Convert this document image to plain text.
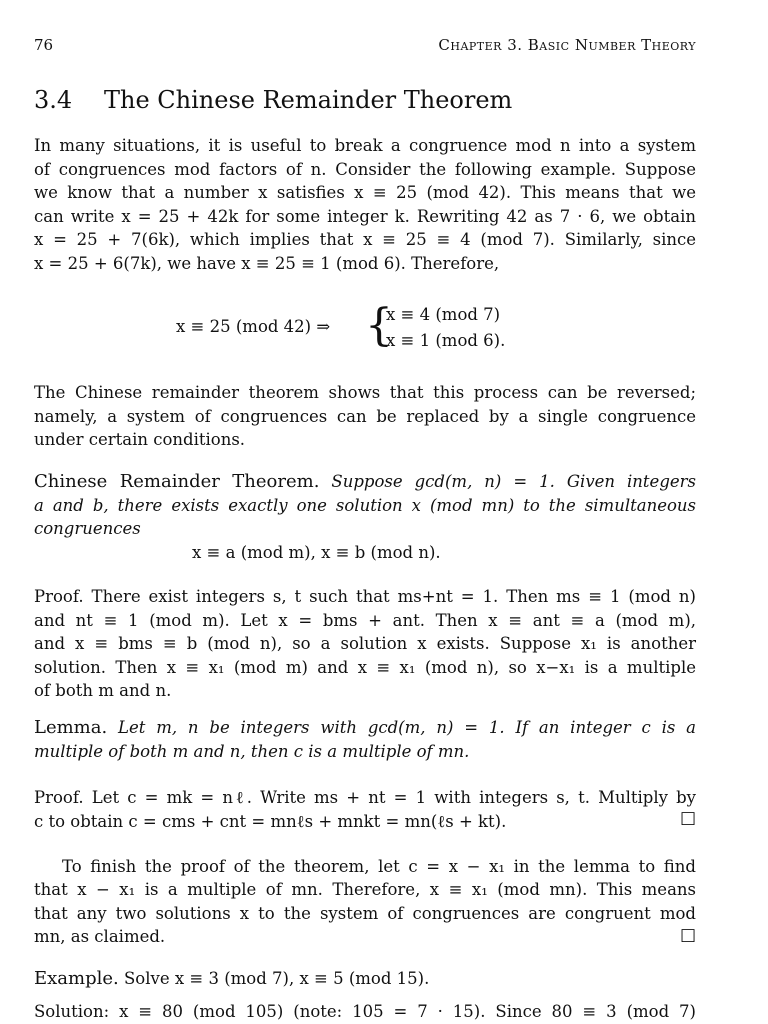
76	Chapter 3. Basic Number Theory
3.4 The Chinese Remainder Theorem
In many situations, it is useful to break a congruence mod n into a system
of congruences mod factors of n. Consider the following example. Suppose
we know that a number x satisfies x ≡ 25 (mod 42). This means that we
can write x = 25 + 42k for some integer k. Rewriting 42 as 7 · 6, we obtain
x = 25 + 7(6k), which implies that x ≡ 25 ≡ 4 (mod 7). Similarly, since
x = 25 + 6(7k), we have x ≡ 25 ≡ 1 (mod 6). Therefore,
x ≡ 25 (mod 42) ⇒ {
x ≡ 4 (mod 7)
x ≡ 1 (mod 6).
The Chinese remainder theorem shows that this process can be reversed;
namely, a system of congruences can be replaced by a single congruence
under certain conditions.
Chinese Remainder Theorem. Suppose gcd(m, n) = 1. Given integers
a and b, there exists exactly one solution x (mod mn) to the simultaneous
congruences
x ≡ a (mod m), x ≡ b (mod n).
Proof. There exist integers s, t such that ms+nt = 1. Then ms ≡ 1 (mod n)
and nt ≡ 1 (mod m). Let x = bms + ant. Then x ≡ ant ≡ a (mod m),
and x ≡ bms ≡ b (mod n), so a solution x exists. Suppose x₁ is another
solution. Then x ≡ x₁ (mod m) and x ≡ x₁ (mod n), so x−x₁ is a multiple
of both m and n.
Lemma. Let m, n be integers with gcd(m, n) = 1. If an integer c is a
multiple of both m and n, then c is a multiple of mn.
Proof. Let c = mk = nℓ. Write ms + nt = 1 with integers s, t. Multiply by
c to obtain c = cms + cnt = mnℓs + mnkt = mn(ℓs + kt).	□
To finish the proof of the theorem, let c = x − x₁ in the lemma to find
that x − x₁ is a multiple of mn. Therefore, x ≡ x₁ (mod mn). This means
that any two solutions x to the system of congruences are congruent mod
mn, as claimed.	□
Example. Solve x ≡ 3 (mod 7), x ≡ 5 (mod 15).
Solution: x ≡ 80 (mod 105) (note: 105 = 7 · 15). Since 80 ≡ 3 (mod 7)
